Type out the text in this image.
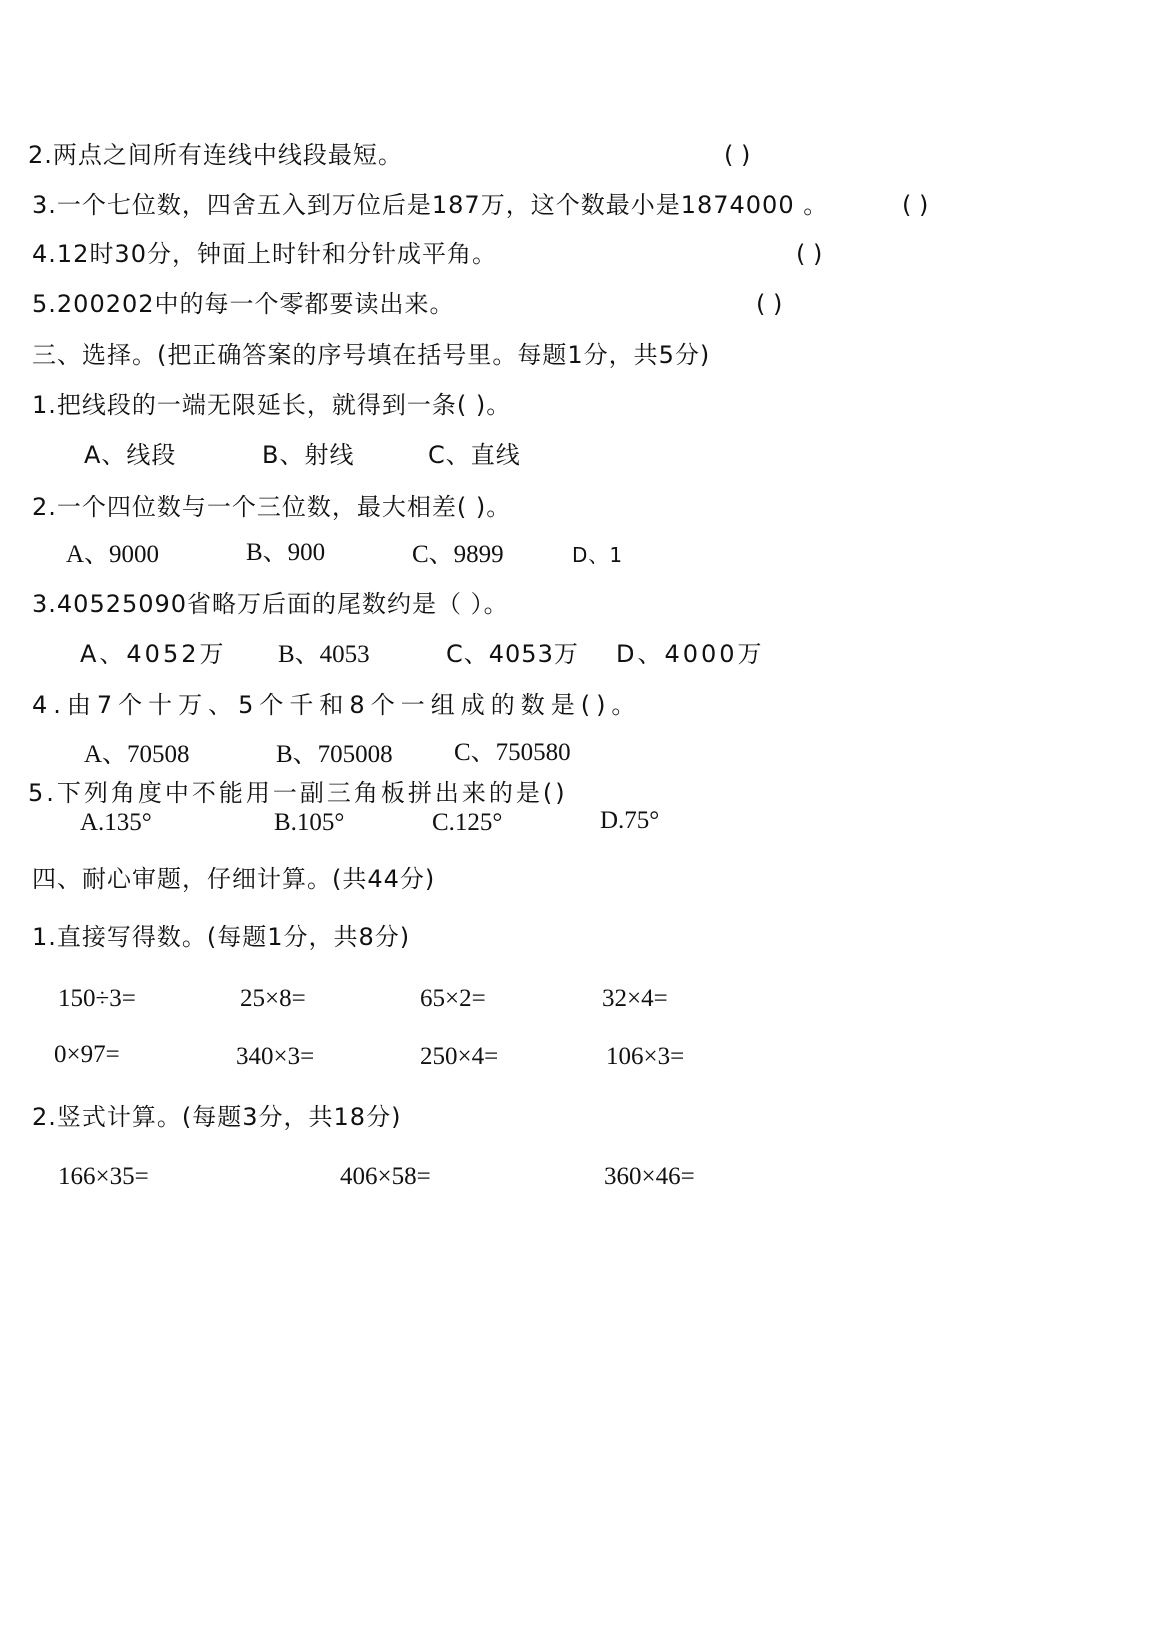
2.两点之间所有连线中线段最短。	( )
3.一个七位数，四舍五入到万位后是187万，这个数最小是1874000 。	( )
4.12时30分，钟面上时针和分针成平角。	( )
5.200202中的每一个零都要读出来。	( )
三、选择。(把正确答案的序号填在括号里。每题1分，共5分)
1.把线段的一端无限延长，就得到一条( )。
A、线段	B、射线	C、直线
2.一个四位数与一个三位数，最大相差( )。
A、9000	B、900	C、9899	D、1
3.40525090省略万后面的尾数约是（ ）。
A、4052万 B、4053	C、4053万 D、4000万
4.由7个十万、5个千和8个一组成的数是()。
A、70508	B、705008 C、750580
5.下列角度中不能用一副三角板拼出来的是()
A.135°	B.105°	C.125°	D.75°
四、耐心审题，仔细计算。(共44分)
1.直接写得数。(每题1分，共8分)
150÷3=	25×8=	65×2=	32×4=
0×97=	340×3=	250×4=	106×3=
2.竖式计算。(每题3分，共18分)
166×35=	406×58=	360×46=
